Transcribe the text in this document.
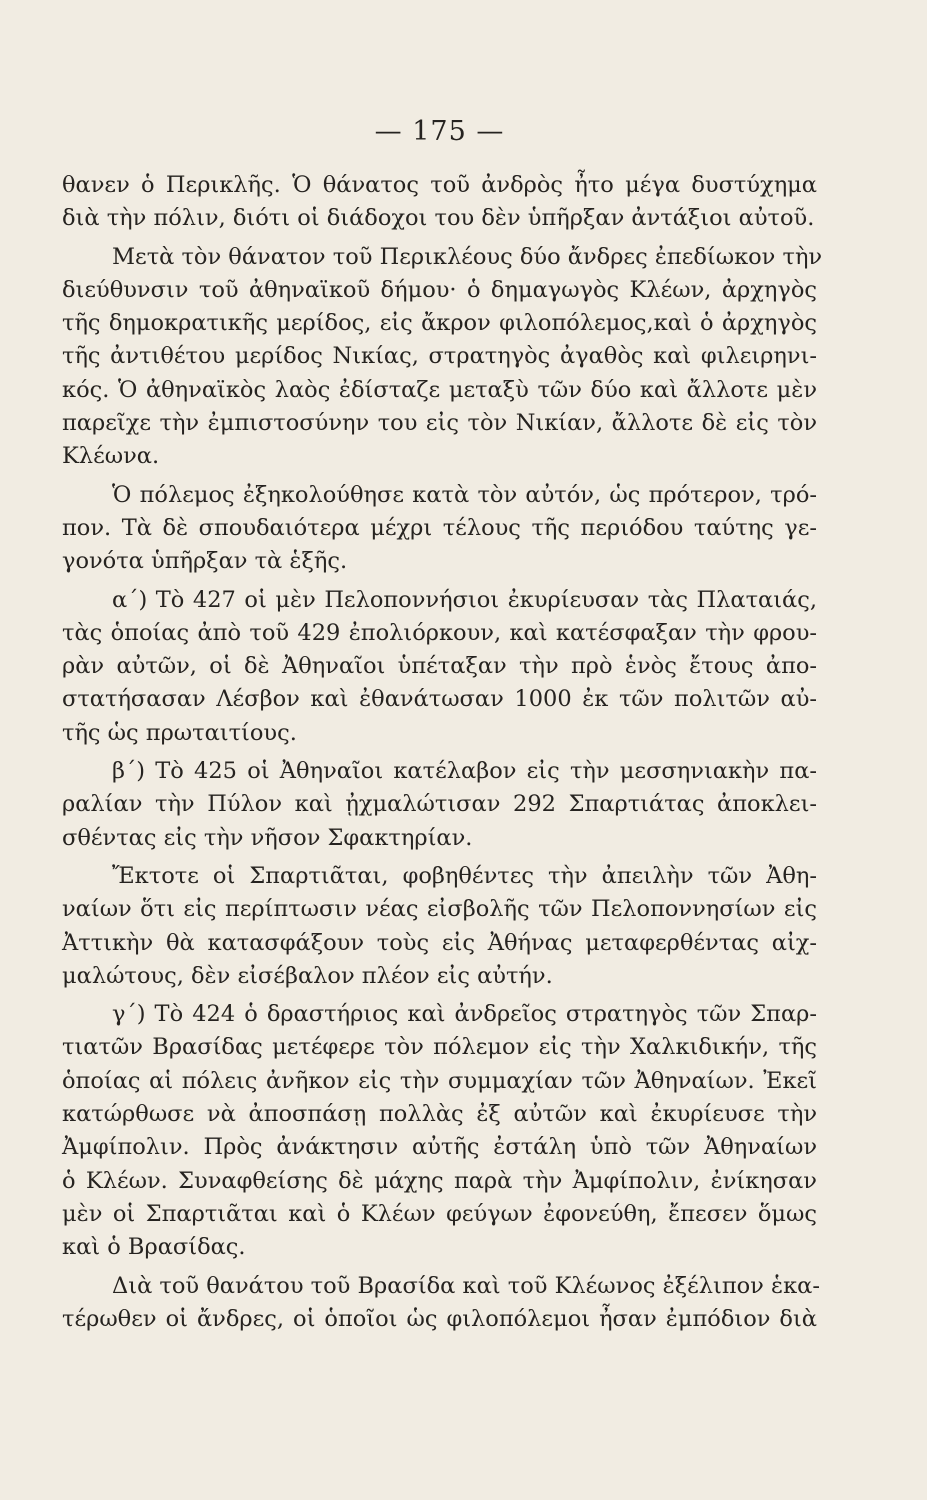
— 175 —
θανεν ὁ Περικλῆς. Ὁ θάνατος τοῦ ἀνδρὸς ἦτο μέγα δυστύχημα
διὰ τὴν πόλιν, διότι οἱ διάδοχοι του δὲν ὑπῆρξαν ἀντάξιοι αὐτοῦ.
Μετὰ τὸν θάνατον τοῦ Περικλέους δύο ἄνδρες ἐπεδίωκον τὴν
διεύθυνσιν τοῦ ἀθηναϊκοῦ δήμου· ὁ δημαγωγὸς Κλέων, ἀρχηγὸς
τῆς δημοκρατικῆς μερίδος, εἰς ἄκρον φιλοπόλεμος,καὶ ὁ ἀρχηγὸς
τῆς ἀντιθέτου μερίδος Νικίας, στρατηγὸς ἀγαθὸς καὶ φιλειρηνι-
κός. Ὁ ἀθηναϊκὸς λαὸς ἐδίσταζε μεταξὺ τῶν δύο καὶ ἄλλοτε μὲν
παρεῖχε τὴν ἐμπιστοσύνην του εἰς τὸν Νικίαν, ἄλλοτε δὲ εἰς τὸν
Κλέωνα.
Ὁ πόλεμος ἐξηκολούθησε κατὰ τὸν αὐτόν, ὡς πρότερον, τρό-
πον. Τὰ δὲ σπουδαιότερα μέχρι τέλους τῆς περιόδου ταύτης γε-
γονότα ὑπῆρξαν τὰ ἑξῆς.
α΄) Τὸ 427 οἱ μὲν Πελοποννήσιοι ἐκυρίευσαν τὰς Πλαταιάς,
τὰς ὁποίας ἀπὸ τοῦ 429 ἐπολιόρκουν, καὶ κατέσφαξαν τὴν φρου-
ρὰν αὐτῶν, οἱ δὲ Ἀθηναῖοι ὑπέταξαν τὴν πρὸ ἑνὸς ἔτους ἀπο-
στατήσασαν Λέσβον καὶ ἐθανάτωσαν 1000 ἐκ τῶν πολιτῶν αὐ-
τῆς ὡς πρωταιτίους.
β΄) Τὸ 425 οἱ Ἀθηναῖοι κατέλαβον εἰς τὴν μεσσηνιακὴν πα-
ραλίαν τὴν Πύλον καὶ ᾐχμαλώτισαν 292 Σπαρτιάτας ἀποκλει-
σθέντας εἰς τὴν νῆσον Σφακτηρίαν.
Ἔκτοτε οἱ Σπαρτιᾶται, φοβηθέντες τὴν ἀπειλὴν τῶν Ἀθη-
ναίων ὅτι εἰς περίπτωσιν νέας εἰσβολῆς τῶν Πελοποννησίων εἰς
Ἀττικὴν θὰ κατασφάξουν τοὺς εἰς Ἀθήνας μεταφερθέντας αἰχ-
μαλώτους, δὲν εἰσέβαλον πλέον εἰς αὐτήν.
γ΄) Τὸ 424 ὁ δραστήριος καὶ ἀνδρεῖος στρατηγὸς τῶν Σπαρ-
τιατῶν Βρασίδας μετέφερε τὸν πόλεμον εἰς τὴν Χαλκιδικήν, τῆς
ὁποίας αἱ πόλεις ἀνῆκον εἰς τὴν συμμαχίαν τῶν Ἀθηναίων. Ἐκεῖ
κατώρθωσε νὰ ἀποσπάσῃ πολλὰς ἐξ αὐτῶν καὶ ἐκυρίευσε τὴν
Ἀμφίπολιν. Πρὸς ἀνάκτησιν αὐτῆς ἐστάλη ὑπὸ τῶν Ἀθηναίων
ὁ Κλέων. Συναφθείσης δὲ μάχης παρὰ τὴν Ἀμφίπολιν, ἐνίκησαν
μὲν οἱ Σπαρτιᾶται καὶ ὁ Κλέων φεύγων ἐφονεύθη, ἔπεσεν ὅμως
καὶ ὁ Βρασίδας.
Διὰ τοῦ θανάτου τοῦ Βρασίδα καὶ τοῦ Κλέωνος ἐξέλιπον ἑκα-
τέρωθεν οἱ ἄνδρες, οἱ ὁποῖοι ὡς φιλοπόλεμοι ἦσαν ἐμπόδιον διὰ
